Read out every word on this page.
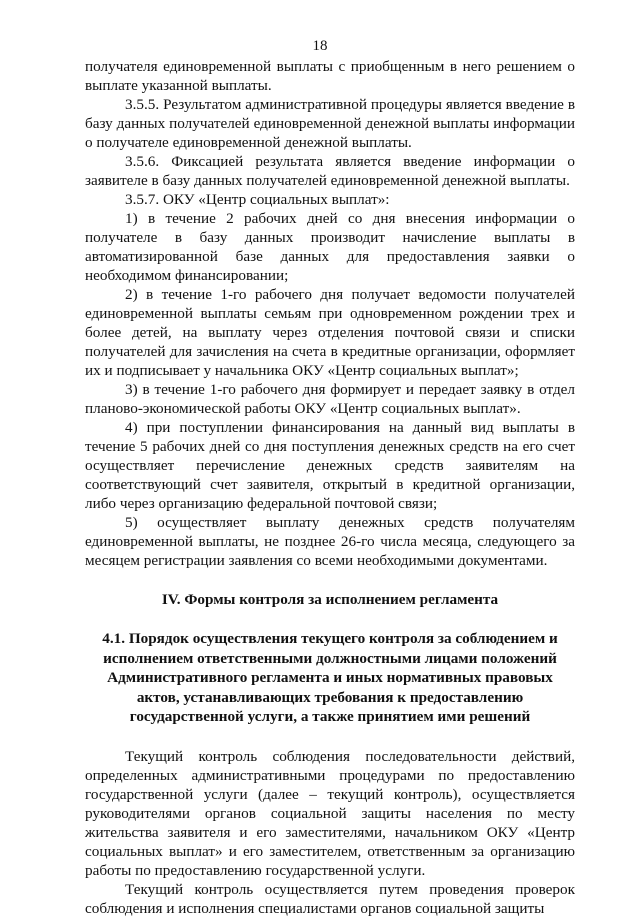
18

получателя единовременной выплаты с приобщенным в него решением о выплате указанной выплаты.

3.5.5. Результатом административной процедуры является введение в базу данных получателей единовременной денежной выплаты информации о получателе единовременной денежной выплаты.

3.5.6. Фиксацией результата является введение информации о заявителе в базу данных получателей единовременной денежной выплаты.

3.5.7. ОКУ «Центр социальных выплат»:

1) в течение 2 рабочих дней со дня внесения информации о получателе в базу данных производит начисление выплаты в автоматизированной базе данных для предоставления заявки о необходимом финансировании;

2) в течение 1-го рабочего дня получает ведомости получателей единовременной выплаты семьям при одновременном рождении трех и более детей, на выплату через отделения почтовой связи и списки получателей для зачисления на счета в кредитные организации, оформляет их и подписывает у начальника ОКУ «Центр социальных выплат»;

3) в течение 1-го рабочего дня формирует и передает заявку в отдел планово-экономической работы ОКУ «Центр социальных выплат».

4) при поступлении финансирования на данный вид выплаты в течение 5 рабочих дней со дня поступления денежных средств на его счет осуществляет перечисление денежных средств заявителям на соответствующий счет заявителя, открытый в кредитной организации, либо через организацию федеральной почтовой связи;

5) осуществляет выплату денежных средств получателям единовременной выплаты, не позднее 26-го числа месяца, следующего за месяцем регистрации заявления со всеми необходимыми документами.

IV. Формы контроля за исполнением регламента

4.1. Порядок осуществления текущего контроля за соблюдением и исполнением ответственными должностными лицами положений Административного регламента и иных нормативных правовых актов, устанавливающих требования к предоставлению государственной услуги, а также принятием ими решений

Текущий контроль соблюдения последовательности действий, определенных административными процедурами по предоставлению государственной услуги (далее – текущий контроль), осуществляется руководителями органов социальной защиты населения по месту жительства заявителя и его заместителями, начальником ОКУ «Центр социальных выплат» и его заместителем, ответственным за организацию работы по предоставлению государственной услуги.

Текущий контроль осуществляется путем проведения проверок соблюдения и исполнения специалистами органов социальной защиты
